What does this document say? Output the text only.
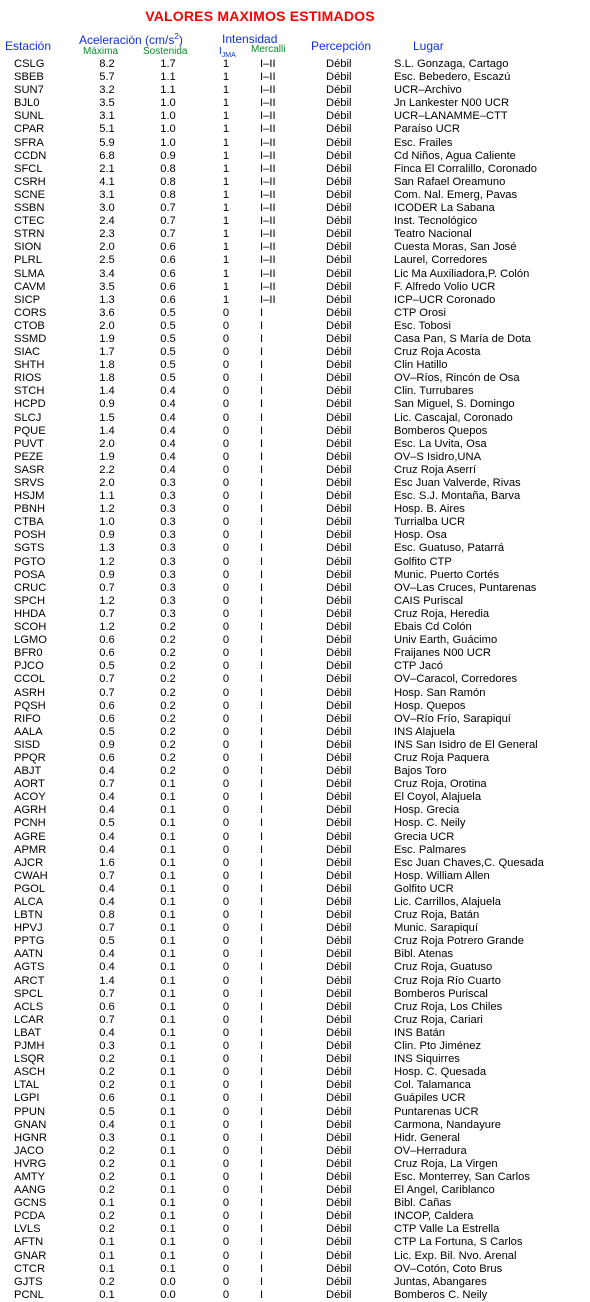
VALORES MAXIMOS ESTIMADOS
Estación Aceleración $(cm/s^2)$
Máxima Sostenida
Intensidad
$I_{JMA}$
Mercalli Percepción	Lugar
CSLG	8.2	1.7	1	I–II	Débil	S.L. Gonzaga, Cartago
SBEB	5.7	1.1	1	I–II	Débil	Esc. Bebedero, Escazú
SUN7	3.2	1.1	1	I–II	Débil	UCR–Archivo
BJL0	3.5	1.0	1	I–II	Débil	Jn Lankester N00 UCR
SUNL	3.1	1.0	1	I–II	Débil	UCR–LANAMME–CTT
CPAR	5.1	1.0	1	I–II	Débil	Paraíso UCR
SFRA	5.9	1.0	1	I–II	Débil	Esc. Frailes
CCDN	6.8	0.9	1	I–II	Débil	Cd Niños, Agua Caliente
SFCL	2.1	0.8	1	I–II	Débil	Finca El Corralillo, Coronado
CSRH	4.1	0.8	1	I–II	Débil	San Rafael Oreamuno
SCNE	3.1	0.8	1	I–II	Débil	Com. Nal. Emerg, Pavas
SSBN	3.0	0.7	1	I–II	Débil	ICODER La Sabana
CTEC	2.4	0.7	1	I–II	Débil	Inst. Tecnológico
STRN	2.3	0.7	1	I–II	Débil	Teatro Nacional
SION	2.0	0.6	1	I–II	Débil	Cuesta Moras, San José
PLRL	2.5	0.6	1	I–II	Débil	Laurel, Corredores
SLMA	3.4	0.6	1	I–II	Débil	Lic Ma Auxiliadora,P. Colón
CAVM	3.5	0.6	1	I–II	Débil	F. Alfredo Volio UCR
SICP	1.3	0.6	1	I–II	Débil	ICP–UCR Coronado
CORS	3.6	0.5	0	I	Débil	CTP Orosi
CTOB	2.0	0.5	0	I	Débil	Esc. Tobosi
SSMD	1.9	0.5	0	I	Débil	Casa Pan, S María de Dota
SIAC	1.7	0.5	0	I	Débil	Cruz Roja Acosta
SHTH	1.8	0.5	0	I	Débil	Clin Hatillo
RIOS	1.8	0.5	0	I	Débil	OV–Ríos, Rincón de Osa
STCH	1.4	0.4	0	I	Débil	Clin. Turrubares
HCPD	0.9	0.4	0	I	Débil	San Miguel, S. Domingo
SLCJ	1.5	0.4	0	I	Débil	Lic. Cascajal, Coronado
PQUE	1.4	0.4	0	I	Débil	Bomberos Quepos
PUVT	2.0	0.4	0	I	Débil	Esc. La Uvita, Osa
PEZE	1.9	0.4	0	I	Débil	OV–S Isidro,UNA
SASR	2.2	0.4	0	I	Débil	Cruz Roja Aserrí
SRVS	2.0	0.3	0	I	Débil	Esc Juan Valverde, Rivas
HSJM	1.1	0.3	0	I	Débil	Esc. S.J. Montaña, Barva
PBNH	1.2	0.3	0	I	Débil	Hosp. B. Aires
CTBA	1.0	0.3	0	I	Débil	Turrialba UCR
POSH	0.9	0.3	0	I	Débil	Hosp. Osa
SGTS	1.3	0.3	0	I	Débil	Esc. Guatuso, Patarrá
PGTO	1.2	0.3	0	I	Débil	Golfito CTP
POSA	0.9	0.3	0	I	Débil	Munic. Puerto Cortés
CRUC	0.7	0.3	0	I	Débil	OV–Las Cruces, Puntarenas
SPCH	1.2	0.3	0	I	Débil	CAIS Puriscal
HHDA	0.7	0.3	0	I	Débil	Cruz Roja, Heredia
SCOH	1.2	0.2	0	I	Débil	Ebais Cd Colón
LGMO	0.6	0.2	0	I	Débil	Univ Earth, Guácimo
BFR0	0.6	0.2	0	I	Débil	Fraijanes N00 UCR
PJCO	0.5	0.2	0	I	Débil	CTP Jacó
CCOL	0.7	0.2	0	I	Débil	OV–Caracol, Corredores
ASRH	0.7	0.2	0	I	Débil	Hosp. San Ramón
PQSH	0.6	0.2	0	I	Débil	Hosp. Quepos
RIFO	0.6	0.2	0	I	Débil	OV–Río Frío, Sarapiquí
AALA	0.5	0.2	0	I	Débil	INS Alajuela
SISD	0.9	0.2	0	I	Débil	INS San Isidro de El General
PPQR	0.6	0.2	0	I	Débil	Cruz Roja Paquera
ABJT	0.4	0.2	0	I	Débil	Bajos Toro
AORT	0.7	0.1	0	I	Débil	Cruz Roja, Orotina
ACOY	0.4	0.1	0	I	Débil	El Coyol, Alajuela
AGRH	0.4	0.1	0	I	Débil	Hosp. Grecia
PCNH	0.5	0.1	0	I	Débil	Hosp. C. Neily
AGRE	0.4	0.1	0	I	Débil	Grecia UCR
APMR	0.4	0.1	0	I	Débil	Esc. Palmares
AJCR	1.6	0.1	0	I	Débil	Esc Juan Chaves,C. Quesada
CWAH	0.7	0.1	0	I	Débil	Hosp. William Allen
PGOL	0.4	0.1	0	I	Débil	Golfito UCR
ALCA	0.4	0.1	0	I	Débil	Lic. Carrillos, Alajuela
LBTN	0.8	0.1	0	I	Débil	Cruz Roja, Batán
HPVJ	0.7	0.1	0	I	Débil	Munic. Sarapiquí
PPTG	0.5	0.1	0	I	Débil	Cruz Roja Potrero Grande
AATN	0.4	0.1	0	I	Débil	Bibl. Atenas
AGTS	0.4	0.1	0	I	Débil	Cruz Roja, Guatuso
ARCT	1.4	0.1	0	I	Débil	Cruz Roja Río Cuarto
SPCL	0.7	0.1	0	I	Débil	Bomberos Puriscal
ACLS	0.6	0.1	0	I	Débil	Cruz Roja, Los Chiles
LCAR	0.7	0.1	0	I	Débil	Cruz Roja, Cariari
LBAT	0.4	0.1	0	I	Débil	INS Batán
PJMH	0.3	0.1	0	I	Débil	Clin. Pto Jiménez
LSQR	0.2	0.1	0	I	Débil	INS Siquirres
ASCH	0.2	0.1	0	I	Débil	Hosp. C. Quesada
LTAL	0.2	0.1	0	I	Débil	Col. Talamanca
LGPI	0.6	0.1	0	I	Débil	Guápiles UCR
PPUN	0.5	0.1	0	I	Débil	Puntarenas UCR
GNAN	0.4	0.1	0	I	Débil	Carmona, Nandayure
HGNR	0.3	0.1	0	I	Débil	Hidr. General
JACO	0.2	0.1	0	I	Débil	OV–Herradura
HVRG	0.2	0.1	0	I	Débil	Cruz Roja, La Virgen
AMTY	0.2	0.1	0	I	Débil	Esc. Monterrey, San Carlos
AANG	0.2	0.1	0	I	Débil	El Angel, Cariblanco
GCNS	0.1	0.1	0	I	Débil	Bibl. Cañas
PCDA	0.2	0.1	0	I	Débil	INCOP, Caldera
LVLS	0.2	0.1	0	I	Débil	CTP Valle La Estrella
AFTN	0.1	0.1	0	I	Débil	CTP La Fortuna, S Carlos
GNAR	0.1	0.1	0	I	Débil	Lic. Exp. Bil. Nvo. Arenal
CTCR	0.1	0.1	0	I	Débil	OV–Cotón, Coto Brus
GJTS	0.2	0.0	0	I	Débil	Juntas, Abangares
PCNL	0.1	0.0	0	I	Débil	Bomberos C. Neily
